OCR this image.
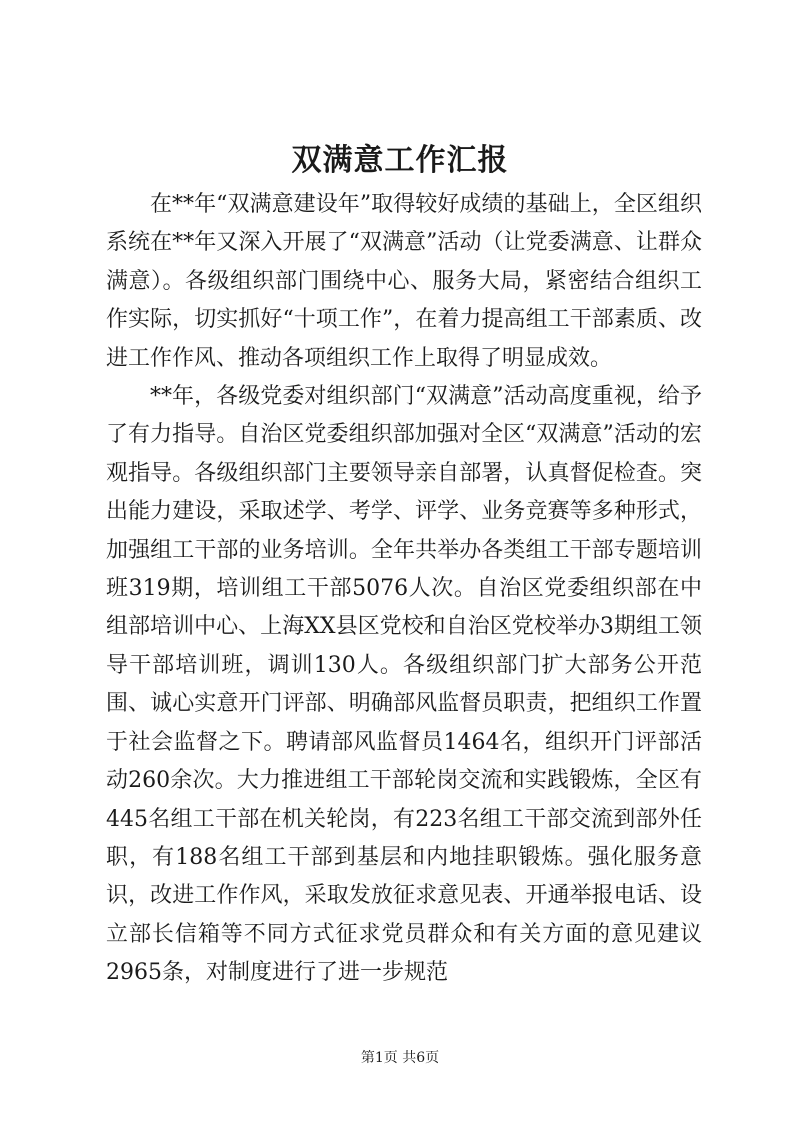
双满意工作汇报

在**年“双满意建设年”取得较好成绩的基础上，全区组织系统在**年又深入开展了“双满意”活动（让党委满意、让群众满意）。各级组织部门围绕中心、服务大局，紧密结合组织工作实际，切实抓好“十项工作”，在着力提高组工干部素质、改进工作作风、推动各项组织工作上取得了明显成效。

**年，各级党委对组织部门“双满意”活动高度重视，给予了有力指导。自治区党委组织部加强对全区“双满意”活动的宏观指导。各级组织部门主要领导亲自部署，认真督促检查。突出能力建设，采取述学、考学、评学、业务竞赛等多种形式，加强组工干部的业务培训。全年共举办各类组工干部专题培训班319期，培训组工干部5076人次。自治区党委组织部在中组部培训中心、上海XX县区党校和自治区党校举办3期组工领导干部培训班，调训130人。各级组织部门扩大部务公开范围、诚心实意开门评部、明确部风监督员职责，把组织工作置于社会监督之下。聘请部风监督员1464名，组织开门评部活动260余次。大力推进组工干部轮岗交流和实践锻炼，全区有445名组工干部在机关轮岗，有223名组工干部交流到部外任职，有188名组工干部到基层和内地挂职锻炼。强化服务意识，改进工作作风，采取发放征求意见表、开通举报电话、设立部长信箱等不同方式征求党员群众和有关方面的意见建议2965条，对制度进行了进一步规范

第1页 共6页
